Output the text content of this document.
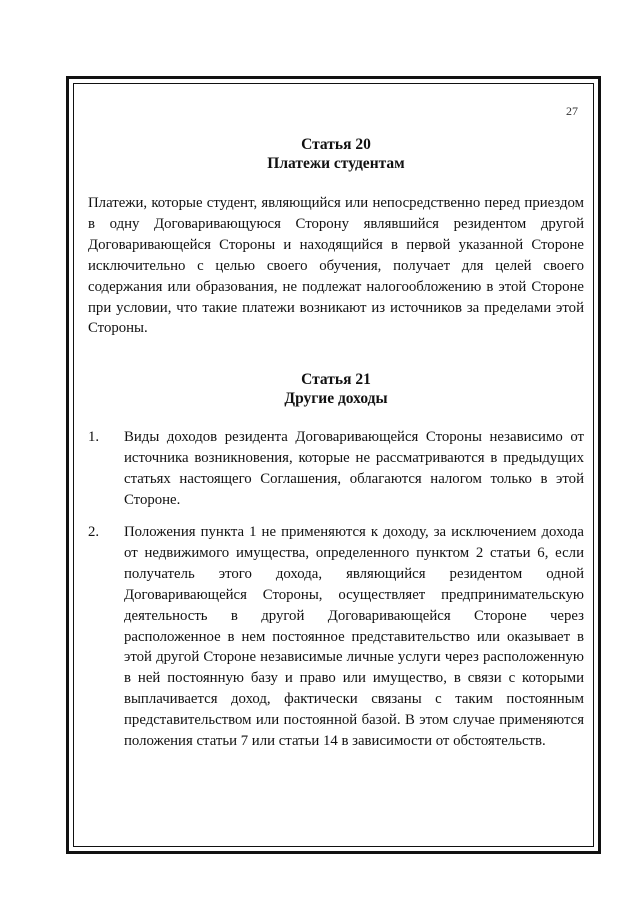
27
Статья 20
Платежи студентам

Платежи, которые студент, являющийся или непосредственно перед приездом в одну Договаривающуюся Сторону являвшийся резидентом другой Договаривающейся Стороны и находящийся в первой указанной Стороне исключительно с целью своего обучения, получает для целей своего содержания или образования, не подлежат налогообложению в этой Стороне при условии, что такие платежи возникают из источников за пределами этой Стороны.

Статья 21
Другие доходы
1. Виды доходов резидента Договаривающейся Стороны независимо от источника возникновения, которые не рассматриваются в предыдущих статьях настоящего Соглашения, облагаются налогом только в этой Стороне.

2. Положения пункта 1 не применяются к доходу, за исключением дохода от недвижимого имущества, определенного пунктом 2 статьи 6, если получатель этого дохода, являющийся резидентом одной Договаривающейся Стороны, осуществляет предпринимательскую деятельность в другой Договаривающейся Стороне через расположенное в нем постоянное представительство или оказывает в этой другой Стороне независимые личные услуги через расположенную в ней постоянную базу и право или имущество, в связи с которыми выплачивается доход, фактически связаны с таким постоянным представительством или постоянной базой. В этом случае применяются положения статьи 7 или статьи 14 в зависимости от обстоятельств.
